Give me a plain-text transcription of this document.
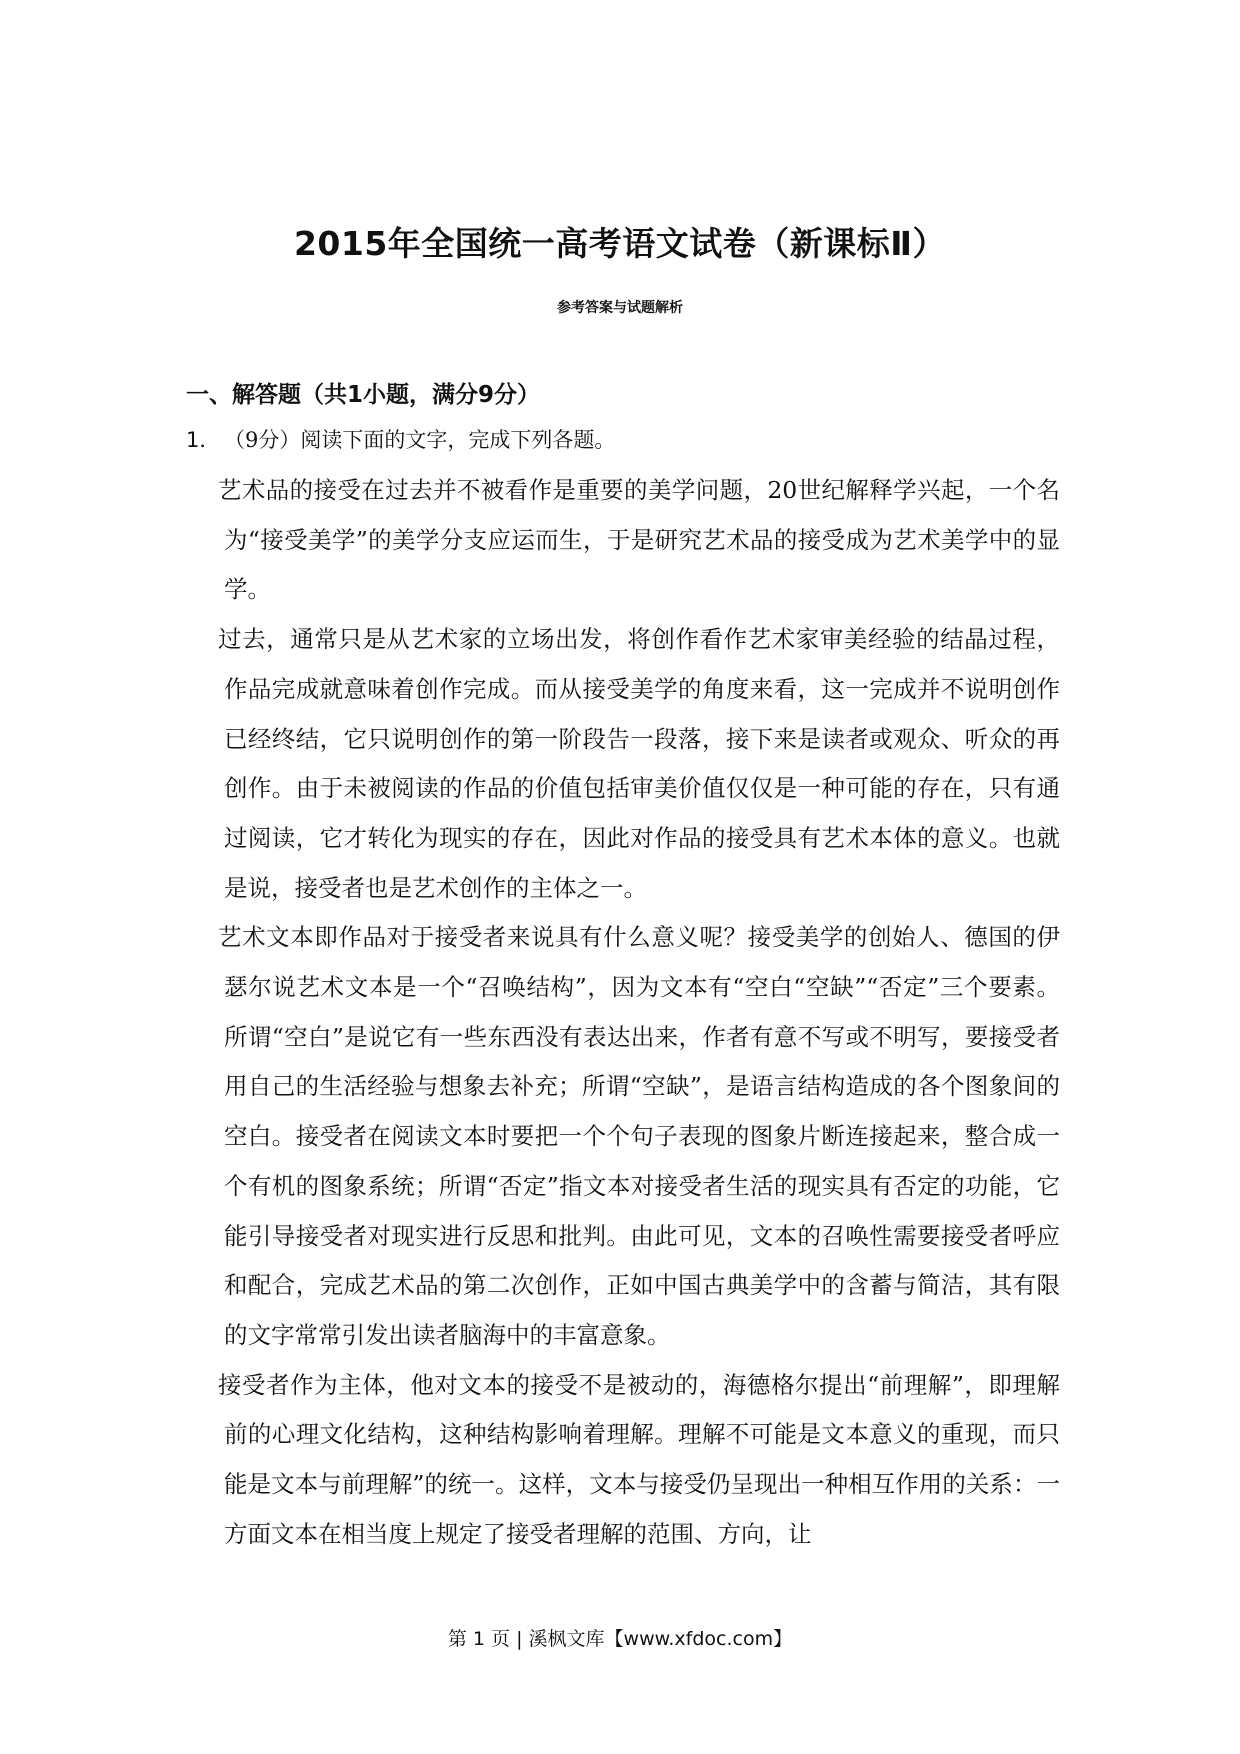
2015年全国统一高考语文试卷（新课标Ⅱ）
参考答案与试题解析
一、解答题（共1小题，满分9分）
1． （9分）阅读下面的文字，完成下列各题。

艺术品的接受在过去并不被看作是重要的美学问题，20世纪解释学兴起，一个名为“接受美学”的美学分支应运而生，于是研究艺术品的接受成为艺术美学中的显学。

过去，通常只是从艺术家的立场出发，将创作看作艺术家审美经验的结晶过程，作品完成就意味着创作完成。而从接受美学的角度来看，这一完成并不说明创作已经终结，它只说明创作的第一阶段告一段落，接下来是读者或观众、听众的再创作。由于未被阅读的作品的价值包括审美价值仅仅是一种可能的存在，只有通过阅读，它才转化为现实的存在，因此对作品的接受具有艺术本体的意义。也就是说，接受者也是艺术创作的主体之一。

艺术文本即作品对于接受者来说具有什么意义呢？接受美学的创始人、德国的伊瑟尔说艺术文本是一个“召唤结构”，因为文本有“空白“空缺”“否定”三个要素。所谓“空白”是说它有一些东西没有表达出来，作者有意不写或不明写，要接受者用自己的生活经验与想象去补充；所谓“空缺”，是语言结构造成的各个图象间的空白。接受者在阅读文本时要把一个个句子表现的图象片断连接起来，整合成一个有机的图象系统；所谓“否定”指文本对接受者生活的现实具有否定的功能，它能引导接受者对现实进行反思和批判。由此可见，文本的召唤性需要接受者呼应和配合，完成艺术品的第二次创作，正如中国古典美学中的含蓄与简洁，其有限的文字常常引发出读者脑海中的丰富意象。

接受者作为主体，他对文本的接受不是被动的，海德格尔提出“前理解”，即理解前的心理文化结构，这种结构影响着理解。理解不可能是文本意义的重现，而只能是文本与前理解”的统一。这样，文本与接受仍呈现出一种相互作用的关系：一方面文本在相当度上规定了接受者理解的范围、方向，让

第 1 页 | 溪枫文库【www.xfdoc.com】
